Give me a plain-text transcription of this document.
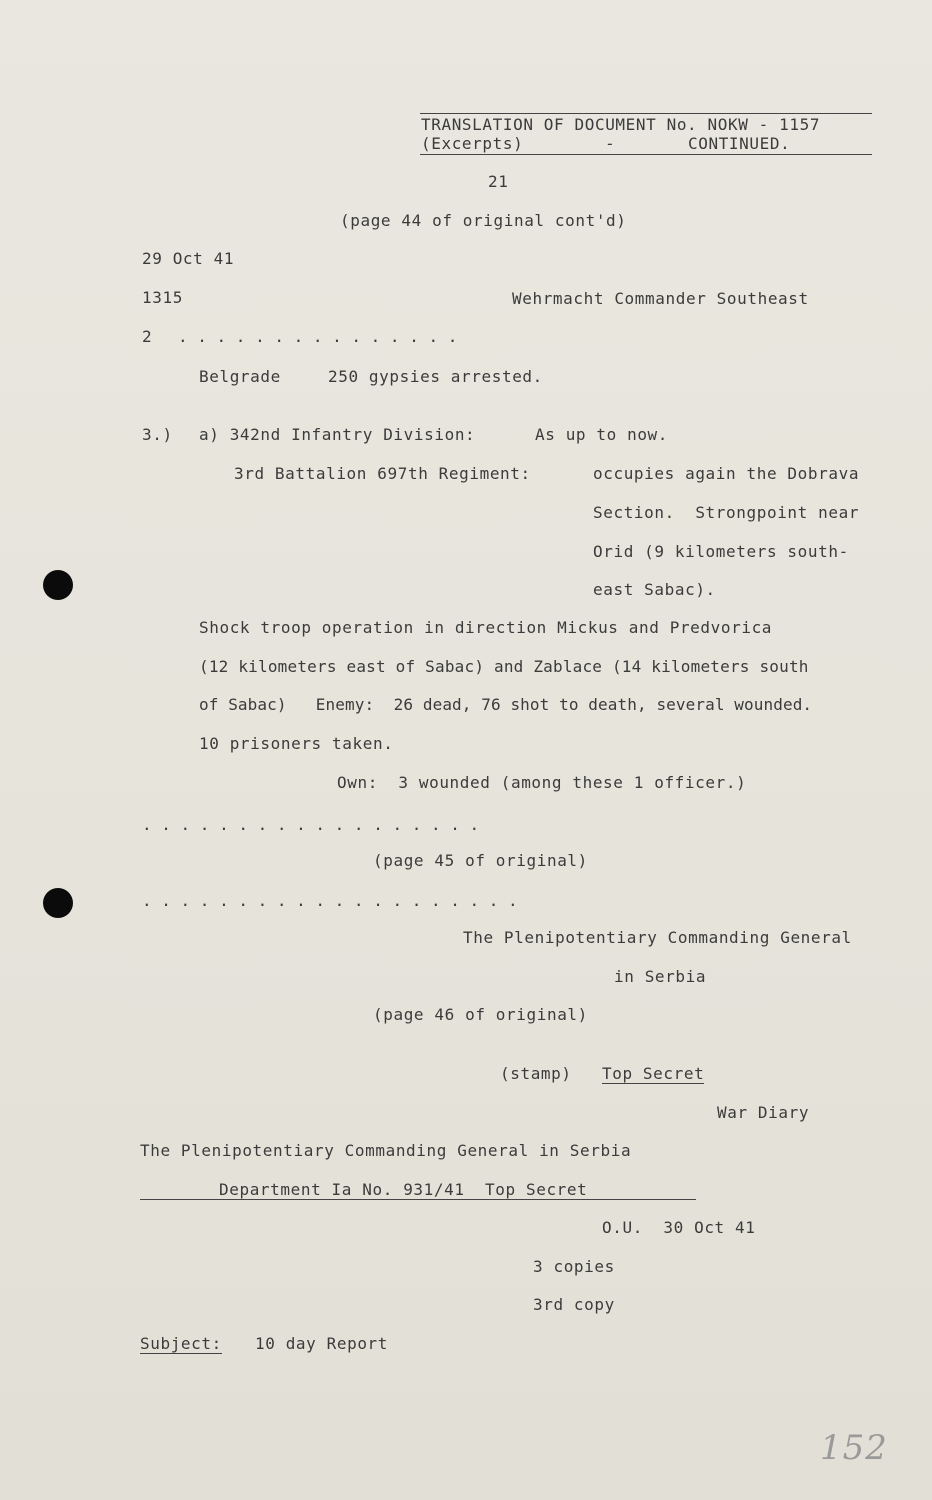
TRANSLATION OF DOCUMENT No. NOKW - 1157
(Excerpts)	-	CONTINUED.
21
(page 44 of original cont'd)
29 Oct 41
1315	Wehrmacht Commander Southeast
2 . . . . . . . . . . . . . . .
Belgrade	250 gypsies arrested.
3.) a) 342nd Infantry Division:	As up to now.
3rd Battalion 697th Regiment:	occupies again the Dobrava
Section.  Strongpoint near
Orid (9 kilometers south-
east Sabac).
Shock troop operation in direction Mickus and Predvorica
(12 kilometers east of Sabac) and Zablace (14 kilometers south
of Sabac)   Enemy:  26 dead, 76 shot to death, several wounded.
10 prisoners taken.
Own:  3 wounded (among these 1 officer.)
. . . . . . . . . . . . . . . . . .
(page 45 of original)
. . . . . . . . . . . . . . . . . . . .
The Plenipotentiary Commanding General
in Serbia
(page 46 of original)
(stamp) Top Secret
War Diary
The Plenipotentiary Commanding General in Serbia
Department Ia No. 931/41  Top Secret
O.U.  30 Oct 41
3 copies
3rd copy
Subject: 10 day Report
152
